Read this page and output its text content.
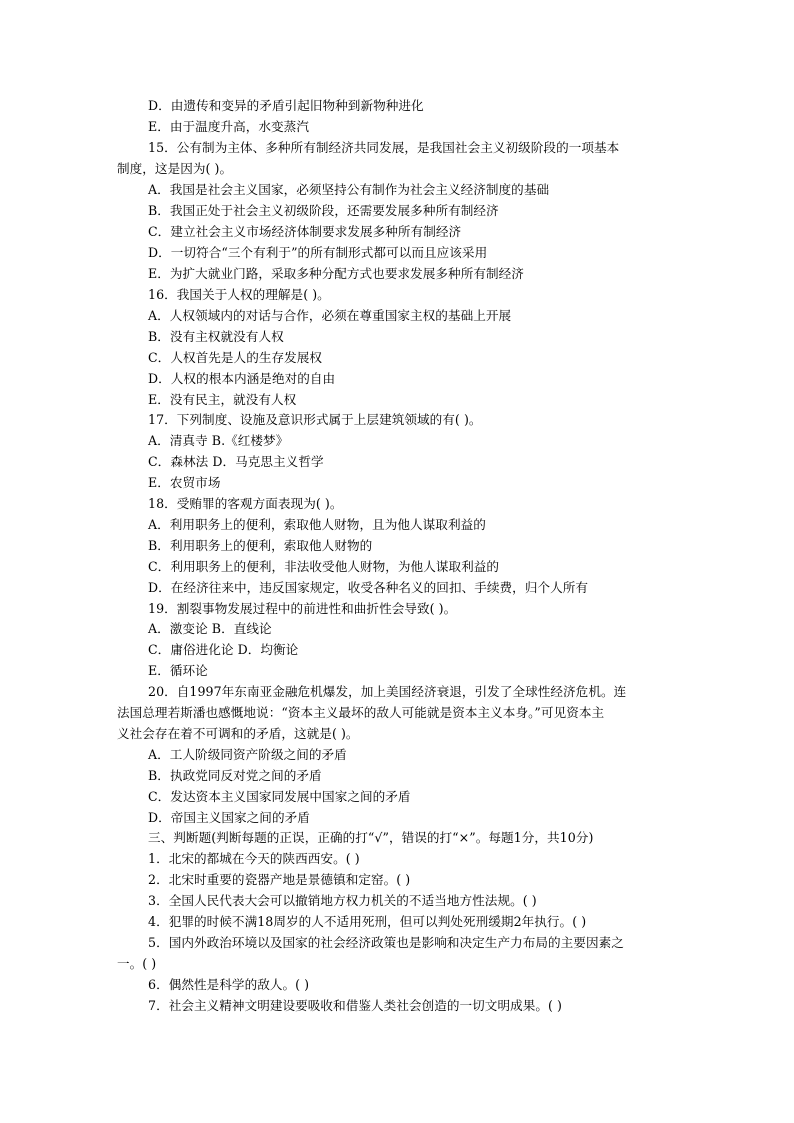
D．由遗传和变异的矛盾引起旧物种到新物种进化
E．由于温度升高，水变蒸汽
15．公有制为主体、多种所有制经济共同发展，是我国社会主义初级阶段的一项基本
制度，这是因为( )。
A．我国是社会主义国家，必须坚持公有制作为社会主义经济制度的基础
B．我国正处于社会主义初级阶段，还需要发展多种所有制经济
C．建立社会主义市场经济体制要求发展多种所有制经济
D．一切符合“三个有利于”的所有制形式都可以而且应该采用
E．为扩大就业门路，采取多种分配方式也要求发展多种所有制经济
16．我国关于人权的理解是( )。
A．人权领域内的对话与合作，必须在尊重国家主权的基础上开展
B．没有主权就没有人权
C．人权首先是人的生存发展权
D．人权的根本内涵是绝对的自由
E．没有民主，就没有人权
17．下列制度、设施及意识形式属于上层建筑领域的有( )。
A．清真寺 B.《红楼梦》
C．森林法 D．马克思主义哲学
E．农贸市场
18．受贿罪的客观方面表现为( )。
A．利用职务上的便利，索取他人财物，且为他人谋取利益的
B．利用职务上的便利，索取他人财物的
C．利用职务上的便利，非法收受他人财物，为他人谋取利益的
D．在经济往来中，违反国家规定，收受各种名义的回扣、手续费，归个人所有
19．割裂事物发展过程中的前进性和曲折性会导致( )。
A．激变论 B．直线论
C．庸俗进化论 D．均衡论
E．循环论
20．自1997年东南亚金融危机爆发，加上美国经济衰退，引发了全球性经济危机。连
法国总理若斯潘也感慨地说：“资本主义最坏的敌人可能就是资本主义本身。”可见资本主
义社会存在着不可调和的矛盾，这就是( )。
A．工人阶级同资产阶级之间的矛盾
B．执政党同反对党之间的矛盾
C．发达资本主义国家同发展中国家之间的矛盾
D．帝国主义国家之间的矛盾
三、判断题(判断每题的正误，正确的打“√”，错误的打“×”。每题1分，共10分)
1．北宋的都城在今天的陕西西安。( )
2．北宋时重要的瓷器产地是景德镇和定窑。( )
3．全国人民代表大会可以撤销地方权力机关的不适当地方性法规。( )
4．犯罪的时候不满18周岁的人不适用死刑，但可以判处死刑缓期2年执行。( )
5．国内外政治环境以及国家的社会经济政策也是影响和决定生产力布局的主要因素之
一。( )
6．偶然性是科学的敌人。( )
7．社会主义精神文明建设要吸收和借鉴人类社会创造的一切文明成果。( )
